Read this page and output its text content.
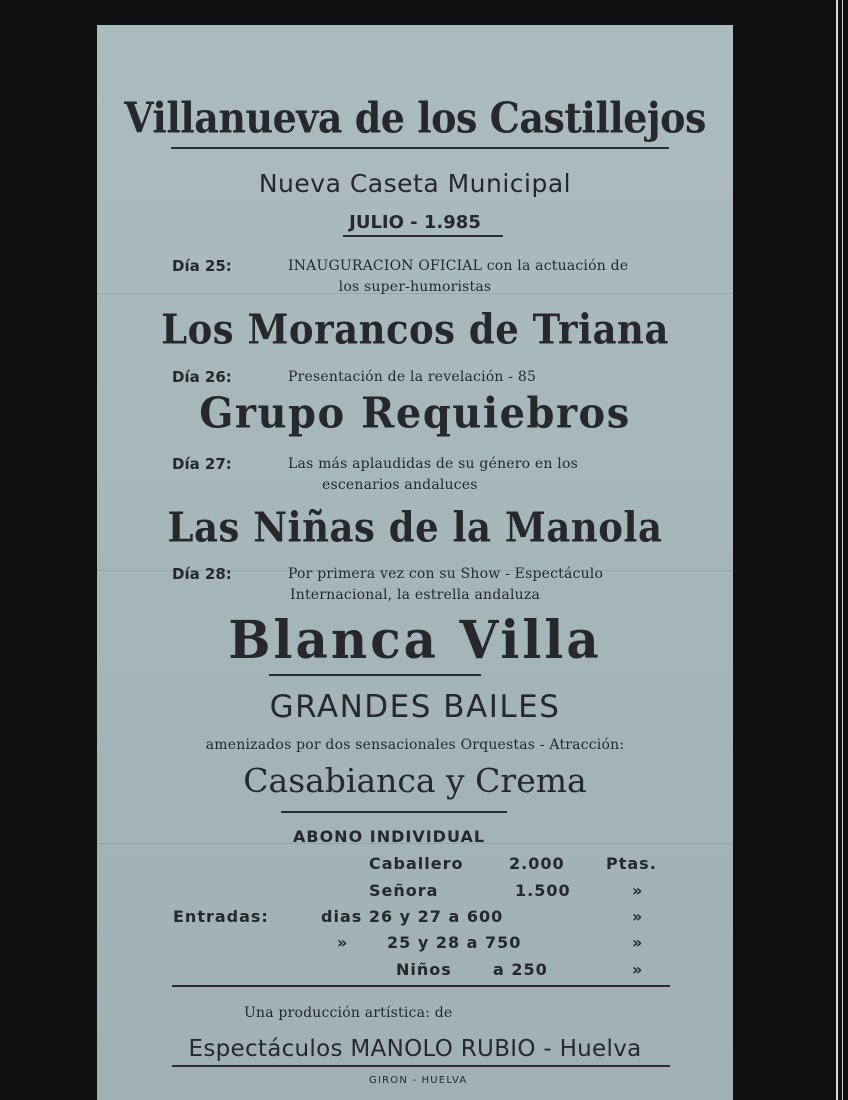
Villanueva de los Castillejos
Nueva Caseta Municipal
JULIO - 1.985
Día 25:	INAUGURACION OFICIAL con la actuación de
los super-humoristas
Los Morancos de Triana
Día 26:	Presentación de la revelación - 85
Grupo Requiebros
Día 27:	Las más aplaudidas de su género en los
escenarios andaluces
Las Niñas de la Manola
Día 28:	Por primera vez con su Show - Espectáculo
Internacional, la estrella andaluza
Blanca Villa
GRANDES BAILES
amenizados por dos sensacionales Orquestas - Atracción:
Casabianca y Crema
ABONO INDIVIDUAL
Caballero	2.000	Ptas.
Señora	1.500	»
Entradas:	dias 26 y 27 a 600	»
» 25 y 28 a 750	»
Niños	a 250	»
Una producción artística: de
Espectáculos MANOLO RUBIO - Huelva
GIRON - HUELVA
